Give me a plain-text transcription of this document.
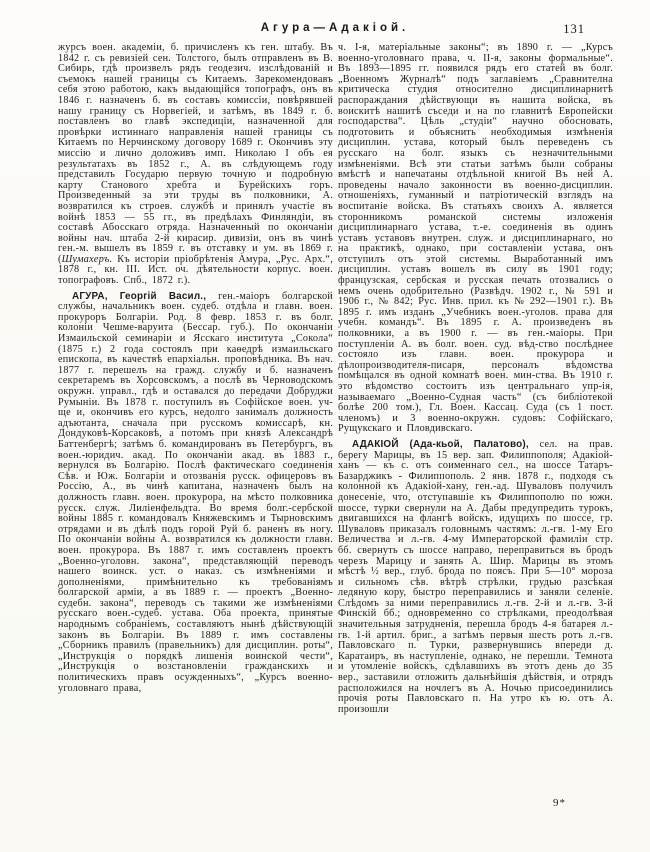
Агура—Адакіой.	131

журсъ воен. академіи, б. причисленъ къ ген. штабу. Въ 1842 г. съ ревизіей сен. Толстого, былъ отправленъ въ В. Сибирь, гдѣ произвелъ рядъ геодезич. изслѣдованій и съемокъ нашей границы съ Китаемъ. Зарекомендовавъ себя этою работою, какъ выдающійся топографъ, онъ въ 1846 г. назначенъ б. въ составъ комиссіи, повѣрявшей нашу границу съ Норвегіей, и затѣмъ, въ 1849 г. б. поставленъ во главѣ экспедиціи, назначенной для провѣрки истиннаго направленія нашей границы съ Китаемъ по Нерчинскому договору 1689 г. Окончивъ эту миссію и лично доложивъ имп. Николаю I объ ея результатахъ въ 1852 г., А. въ слѣдующемъ году представилъ Государю первую точную и подробную карту Станового хребта и Бурейскихъ горъ. Произведенный за эти труды въ полковники, А. возвратился къ строев. службѣ и принялъ участіе въ войнѣ 1853 — 55 гг., въ предѣлахъ Финляндіи, въ составѣ Абосскаго отряда. Назначенный по окончаніи войны нач. штаба 2-й кирасир. дивизіи, онъ въ чинѣ ген.-м. вышелъ въ 1859 г. въ отставку и ум. въ 1869 г. (Шумахеръ. Къ исторіи пріобрѣтенія Амура, „Рус. Арх.“, 1878 г., кн. III. Ист. оч. дѣятельности корпус. воен. топографовъ. Спб., 1872 г.).

АГУРА, Георгій Васил., ген.-маіоръ болгарской службы, начальникъ воен. судеб. отдѣла и главн. воен. прокуроръ Болгаріи. Род. 8 февр. 1853 г. въ болг. колоніи Чешме-варуита (Бессар. губ.). По окончаніи Измаильской семинаріи и Ясскаго института „Сокола“ (1875 г.) 2 года состоялъ при каѳедрѣ измаильскаго епископа, въ качествѣ епархіальн. проповѣдника. Въ нач. 1877 г. перешелъ на гражд. службу и б. назначенъ секретаремъ въ Хорсовскомъ, а послѣ въ Черноводскомъ окружн. управл., гдѣ и оставался до передачи Добруджи Румыніи. Въ 1878 г. поступилъ въ Софійское воен. уч-ще и, окончивъ его курсъ, недолго занималъ должность адъютанта, сначала при русскомъ комиссарѣ, кн. Дондуковѣ-Корсаковѣ, а потомъ при князѣ Александрѣ Баттенбергѣ; затѣмъ б. командированъ въ Петербургъ, въ воен.-юридич. акад. По окончаніи акад. въ 1883 г., вернулся въ Болгарію. Послѣ фактическаго соединенія Сѣв. и Юж. Болгаріи и отозванія русск. офицеровъ въ Россію, А., въ чинѣ капитана, назначенъ былъ на должность главн. воен. прокурора, на мѣсто полковника русск. служ. Лиліенфельдта. Во время болг.-сербской войны 1885 г. командовалъ Княжевскимъ и Тырновскимъ отрядами и въ дѣлѣ подъ горой Руй б. раненъ въ ногу. По окончаніи войны А. возвратился къ должности главн. воен. прокурора. Въ 1887 г. имъ составленъ проектъ „Военно-уголовн. закона“, представляющій переводъ нашего воинск. уст. о наказ. съ измѣненіями и дополненіями, примѣнительно къ требованіямъ болгарской арміи, а въ 1889 г. — проектъ „Военно-судебн. закона“, переводъ съ такими же измѣненіями русскаго воен.-судеб. устава. Оба проекта, принятые народнымъ собраніемъ, составляютъ нынѣ дѣйствующій законъ въ Болгаріи. Въ 1889 г. имъ составлены „Сборникъ правилъ (правельникъ) для дисциплин. роты“, „Инструкція о порядкѣ лишенія воинской чести“, „Инструкція о возстановленіи гражданскихъ и политическихъ правъ осужденныхъ“, „Курсъ военно-уголовнаго права,

ч. I-я, матеріальные законы“; въ 1890 г. — „Курсъ военно-уголовнаго права, ч. II-я, законы формальные“. Въ 1893—1895 гг. появился рядъ его статей въ болг. „Военномъ Журналѣ“ подъ заглавіемъ „Сравнителна критическа студия относително дисциплинарнитѣ распораждания дѣйствующи въ нашита войска, въ воискитѣ нашитѣ съседи и на по главнитѣ Европейски господарства“. Цѣль „студіи“ научно обосновать, подготовить и объяснить необходимыя измѣненія дисциплин. устава, который былъ переведенъ съ русскаго на болг. языкъ съ незначительными измѣненіями. Всѣ эти статьи затѣмъ были собраны вмѣстѣ и напечатаны отдѣльной книгой Въ ней А. проведены начало законности въ военно-дисциплин. отношеніяхъ, гуманный и патріотическій взглядъ на воспитаніе войска. Въ статьяхъ своихъ А. является сторонникомъ романской системы изложенія дисциплинарнаго устава, т.-е. соединенія въ одинъ уставъ уставовъ внутрен. служ. и дисциплинарнаго, но на практикѣ, однако, при составленіи устава, онъ отступилъ отъ этой системы. Выработанный имъ дисциплин. уставъ вошелъ въ силу въ 1901 году; французская, сербская и русская печать отозвались о немъ очень одобрительно (Развѣдч. 1902 г., № 591 и 1906 г., № 842; Рус. Инв. прил. къ № 292—1901 г.). Въ 1895 г. имъ изданъ „Учебникъ воен.-уголов. права для учебн. командъ“. Въ 1895 г. А. произведенъ въ полковники, а въ 1900 г. — въ ген.-маіоры. При поступленіи А. въ болг. воен. суд. вѣд-ство послѣднее состояло изъ главн. воен. прокурора и дѣлопроизводителя-писаря, персоналъ вѣдомства помѣщался въ одной комнатѣ воен. мин-ства. Въ 1910 г. это вѣдомство состоитъ изъ центральнаго упр-ія, называемаго „Военно-Судная часть“ (съ библіотекой болѣе 200 том.), Гл. Воен. Кассац. Суда (съ 1 пост. членомъ) и 3 военно-окружн. судовъ: Софійскаго, Рущукскаго и Пловдивскаго.

АДАКІОЙ (Ада-кьой, Палатово), сел. на прав. берегу Марицы, въ 15 вер. зап. Филиппополя; Адакіой-ханъ — къ с. отъ соименнаго сел., на шоссе Татаръ-Базарджикъ - Филиппополь. 2 янв. 1878 г., подходя съ колонной къ Адакіой-хану, ген.-ад. Шуваловъ получилъ донесеніе, что, отступавшіе къ Филиппополю по южн. шоссе, турки свернули на А. Дабы предупредить турокъ, двигавшихся на флангѣ войскъ, идущихъ по шоссе, гр. Шуваловъ приказалъ головнымъ частямъ: л.-гв. 1-му Его Величества и л.-гв. 4-му Императорской фамиліи стр. бб. свернуть съ шоссе направо, переправиться въ бродъ черезъ Марицу и занять А. Шир. Марицы въ этомъ мѣстѣ ½ вер., глуб. брода по поясъ. При 5—10° мороза и сильномъ сѣв. вѣтрѣ стрѣлки, грудью разсѣкая ледяную кору, быстро переправились и заняли селеніе. Слѣдомъ за ними переправились л.-гв. 2-й и л.-гв. 3-й Финскій бб.; одновременно со стрѣлками, преодолѣвая значительныя затрудненія, перешла бродъ 4-я батарея л.-гв. 1-й артил. бриг., а затѣмъ первыя шесть ротъ л.-гв. Павловскаго п. Турки, развернувшись впереди д. Каратаиръ, въ наступленіе, однако, не перешли. Темнота и утомленіе войскъ, сдѣлавшихъ въ этотъ день до 35 вер., заставили отложить дальнѣйшія дѣйствія, и отрядъ расположился на ночлегъ въ А. Ночью присоединились прочія роты Павловскаго п. На утро къ ю. отъ А. произошли

9*
